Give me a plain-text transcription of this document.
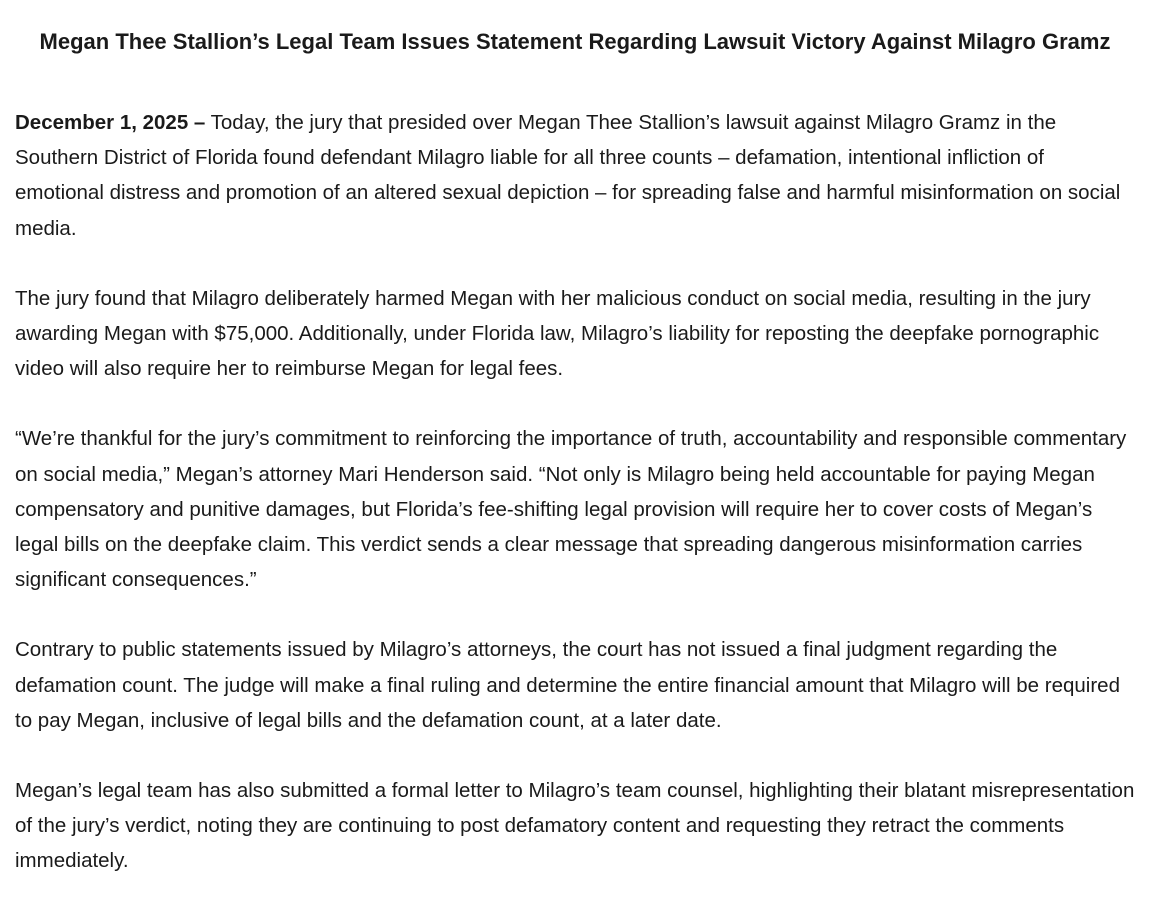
Megan Thee Stallion’s Legal Team Issues Statement Regarding Lawsuit Victory Against Milagro Gramz

December 1, 2025 – Today, the jury that presided over Megan Thee Stallion’s lawsuit against Milagro Gramz in the Southern District of Florida found defendant Milagro liable for all three counts – defamation, intentional infliction of emotional distress and promotion of an altered sexual depiction – for spreading false and harmful misinformation on social media.

The jury found that Milagro deliberately harmed Megan with her malicious conduct on social media, resulting in the jury awarding Megan with $75,000. Additionally, under Florida law, Milagro’s liability for reposting the deepfake pornographic video will also require her to reimburse Megan for legal fees.

“We’re thankful for the jury’s commitment to reinforcing the importance of truth, accountability and responsible commentary on social media,” Megan’s attorney Mari Henderson said. “Not only is Milagro being held accountable for paying Megan compensatory and punitive damages, but Florida’s fee-shifting legal provision will require her to cover costs of Megan’s legal bills on the deepfake claim. This verdict sends a clear message that spreading dangerous misinformation carries significant consequences.”

Contrary to public statements issued by Milagro’s attorneys, the court has not issued a final judgment regarding the defamation count. The judge will make a final ruling and determine the entire financial amount that Milagro will be required to pay Megan, inclusive of legal bills and the defamation count, at a later date.

Megan’s legal team has also submitted a formal letter to Milagro’s team counsel, highlighting their blatant misrepresentation of the jury’s verdict, noting they are continuing to post defamatory content and requesting they retract the comments immediately.
